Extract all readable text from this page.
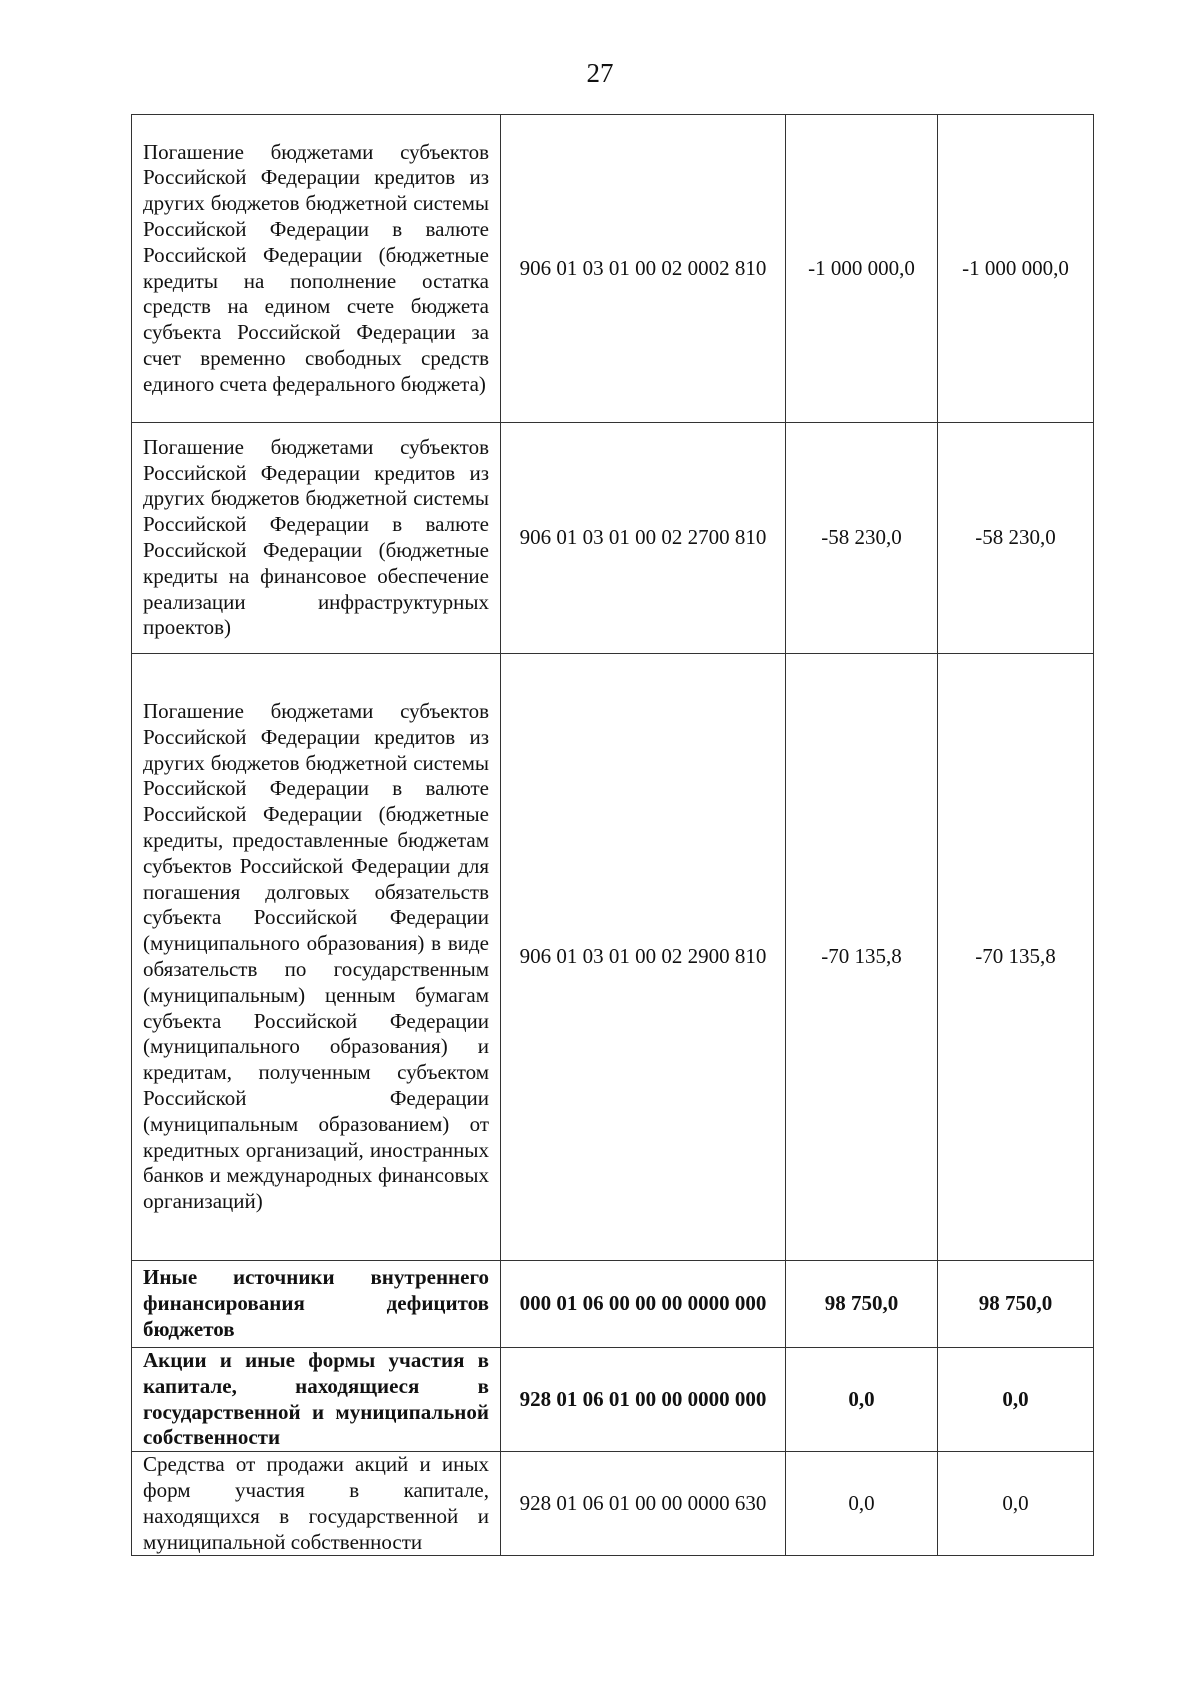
27
Погашение бюджетами субъектов Российской Федерации кредитов из других бюджетов бюджетной системы Российской Федерации в валюте Российской Федерации (бюджетные кредиты на пополнение остатка средств на едином счете бюджета субъекта Российской Федерации за счет временно свободных средств единого счета федерального бюджета)	906 01 03 01 00 02 0002 810	-1 000 000,0	-1 000 000,0
Погашение бюджетами субъектов Российской Федерации кредитов из других бюджетов бюджетной системы Российской Федерации в валюте Российской Федерации (бюджетные кредиты на финансовое обеспечение реализации инфраструктурных проектов)	906 01 03 01 00 02 2700 810	-58 230,0	-58 230,0
Погашение бюджетами субъектов Российской Федерации кредитов из других бюджетов бюджетной системы Российской Федерации в валюте Российской Федерации (бюджетные кредиты, предоставленные бюджетам субъектов Российской Федерации для погашения долговых обязательств субъекта Российской Федерации (муниципального образования) в виде обязательств по государственным (муниципальным) ценным бумагам субъекта Российской Федерации (муниципального образования) и кредитам, полученным субъектом Российской Федерации (муниципальным образованием) от кредитных организаций, иностранных банков и международных финансовых организаций)	906 01 03 01 00 02 2900 810	-70 135,8	-70 135,8
Иные источники внутреннего финансирования дефицитов бюджетов	000 01 06 00 00 00 0000 000	98 750,0	98 750,0
Акции и иные формы участия в капитале, находящиеся в государственной и муниципальной собственности	928 01 06 01 00 00 0000 000	0,0	0,0
Средства от продажи акций и иных форм участия в капитале, находящихся в государственной и муниципальной собственности	928 01 06 01 00 00 0000 630	0,0	0,0
